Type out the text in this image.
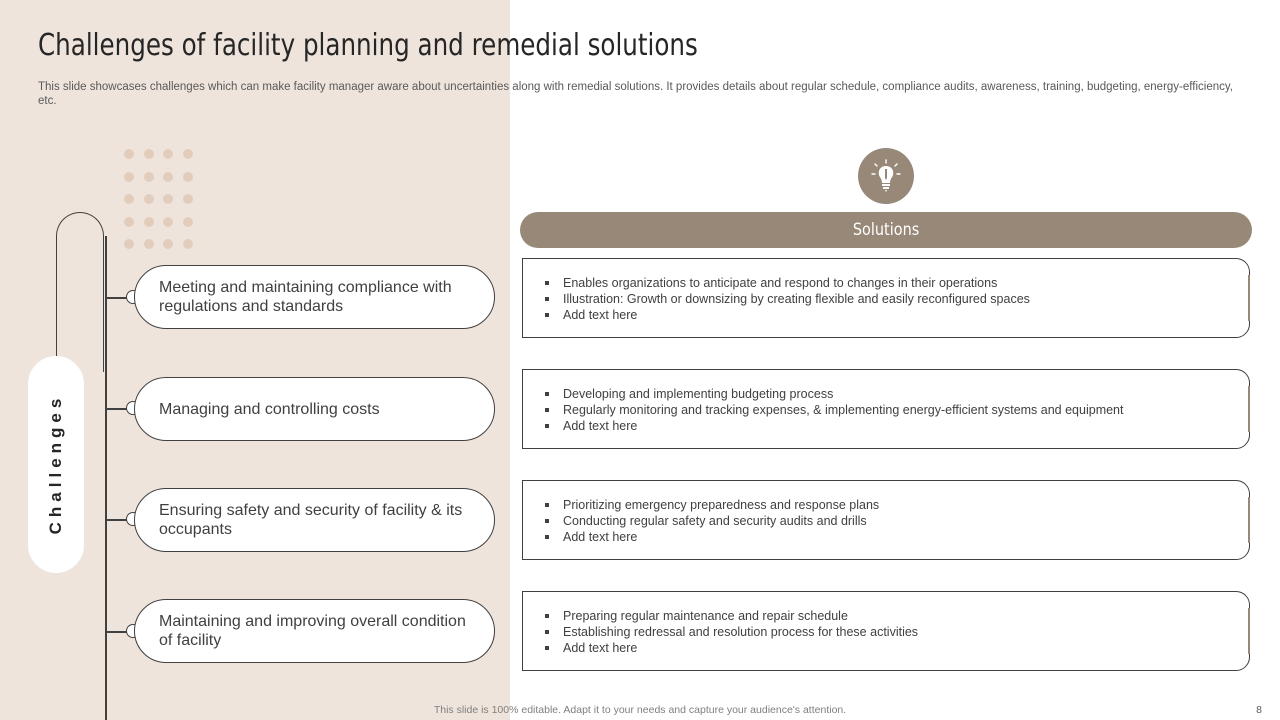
Challenges of facility planning and remedial solutions

This slide showcases challenges which can make facility manager aware about uncertainties along with remedial solutions. It provides details about regular schedule, compliance audits, awareness, training, budgeting, energy-efficiency, etc.

Challenges
Meeting and maintaining compliance with regulations and standards
Managing and controlling costs
Ensuring safety and security of facility & its occupants
Maintaining and improving overall condition of facility
Solutions
Enables organizations to anticipate and respond to changes in their operations
Illustration: Growth or downsizing by creating flexible and easily reconfigured spaces
Add text here
Developing and implementing budgeting process
Regularly monitoring and tracking expenses, & implementing energy-efficient systems and equipment
Add text here
Prioritizing emergency preparedness and response plans
Conducting regular safety and security audits and drills
Add text here
Preparing regular maintenance and repair schedule
Establishing redressal and resolution process for these activities
Add text here
This slide is 100% editable. Adapt it to your needs and capture your audience's attention.	8
